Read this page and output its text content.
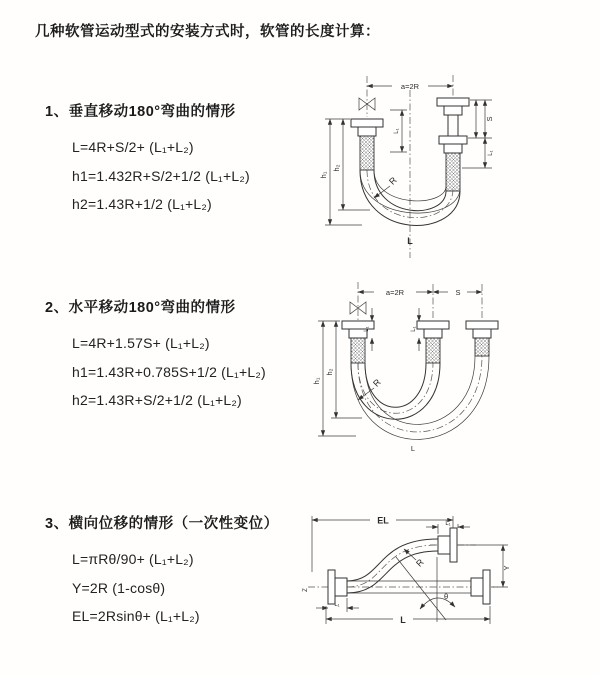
几种软管运动型式的安装方式时，软管的长度计算：
1、垂直移动180°弯曲的情形
L=4R+S/2+ (L₁+L₂)
h1=1.432R+S/2+1/2 (L₁+L₂)
h2=1.43R+1/2 (L₁+L₂)
2、水平移动180°弯曲的情形
L=4R+1.57S+ (L₁+L₂)
h1=1.43R+0.785S+1/2 (L₁+L₂)
h2=1.43R+S/2+1/2 (L₁+L₂)
3、横向位移的情形（一次性变位）
L=πRθ/90+ (L₁+L₂)
Y=2R (1-cosθ)
EL=2Rsinθ+ (L₁+L₂)
a=2R
h₁
h₂
L₁
S
L₁
R
L
a=2R	S
h₁
h₂
L₁	L₁
R
L
EL	L₁
Y
θ
R
L
L₁
Z
